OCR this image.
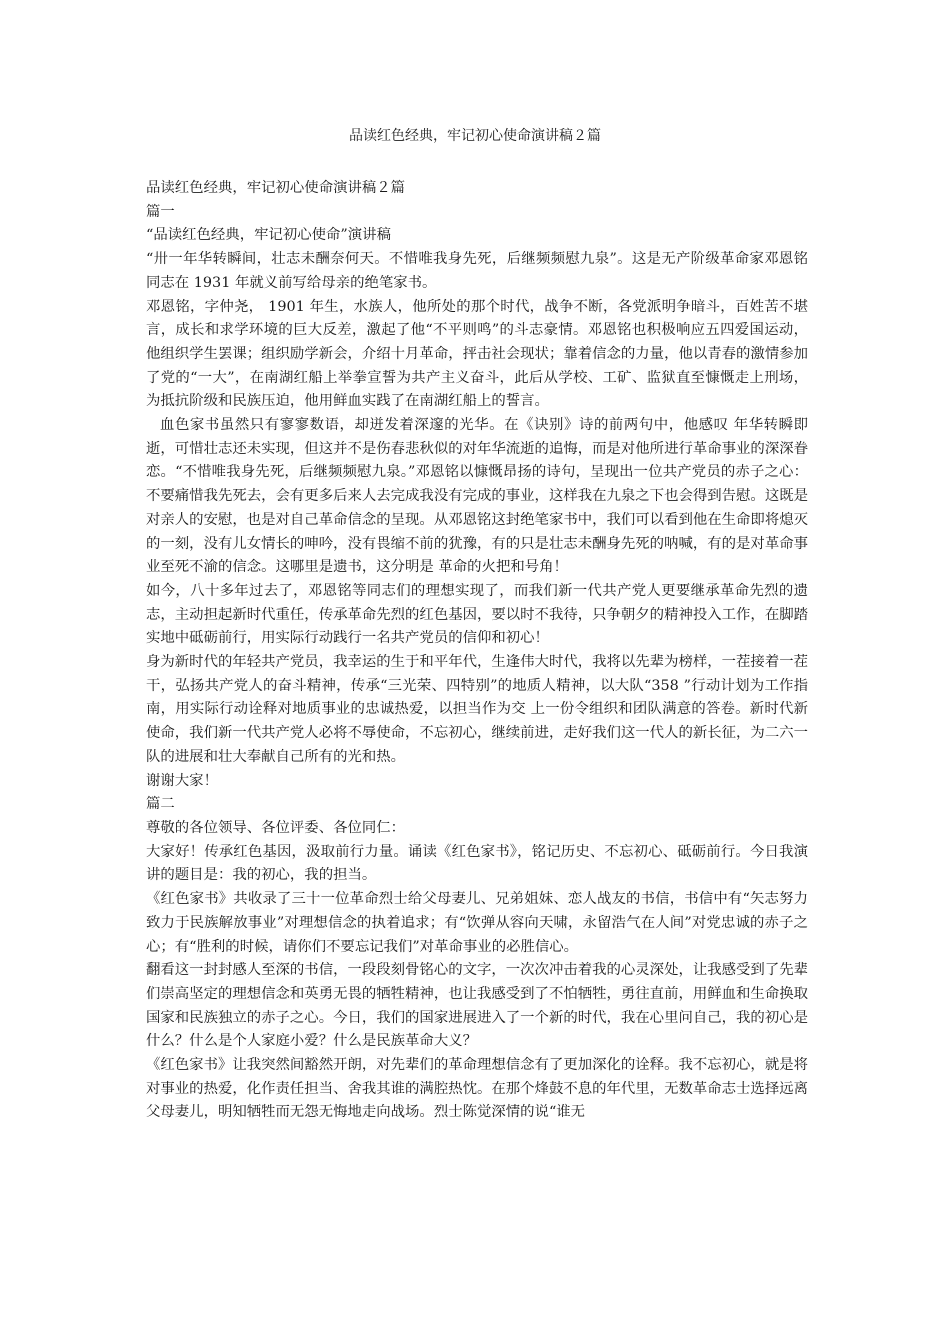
品读红色经典，牢记初心使命演讲稿２篇

品读红色经典，牢记初心使命演讲稿２篇

篇一

“品读红色经典，牢记初心使命”演讲稿

“卅一年华转瞬间，壮志未酬奈何天。不惜唯我身先死，后继频频慰九泉”。这是无产阶级革命家邓恩铭同志在 1931 年就义前写给母亲的绝笔家书。

邓恩铭，字仲尧， 1901 年生，水族人，他所处的那个时代，战争不断，各党派明争暗斗，百姓苦不堪言，成长和求学环境的巨大反差，激起了他“不平则鸣”的斗志豪情。邓恩铭也积极响应五四爱国运动，他组织学生罢课；组织励学新会，介绍十月革命，抨击社会现状；靠着信念的力量，他以青春的激情参加了党的“一大”，在南湖红船上举拳宣誓为共产主义奋斗，此后从学校、工矿、监狱直至慷慨走上刑场，为抵抗阶级和民族压迫，他用鲜血实践了在南湖红船上的誓言。

血色家书虽然只有寥寥数语，却迸发着深邃的光华。在《诀别》诗的前两句中，他感叹 年华转瞬即逝，可惜壮志还未实现，但这并不是伤春悲秋似的对年华流逝的追悔，而是对他所进行革命事业的深深眷恋。“不惜唯我身先死，后继频频慰九泉。”邓恩铭以慷慨昂扬的诗句，呈现出一位共产党员的赤子之心：不要痛惜我先死去，会有更多后来人去完成我没有完成的事业，这样我在九泉之下也会得到告慰。这既是对亲人的安慰，也是对自己革命信念的呈现。从邓恩铭这封绝笔家书中，我们可以看到他在生命即将熄灭的一刻，没有儿女情长的呻吟，没有畏缩不前的犹豫，有的只是壮志未酬身先死的呐喊，有的是对革命事业至死不渝的信念。这哪里是遗书，这分明是 革命的火把和号角！

如今，八十多年过去了，邓恩铭等同志们的理想实现了，而我们新一代共产党人更要继承革命先烈的遗志，主动担起新时代重任，传承革命先烈的红色基因，要以时不我待，只争朝夕的精神投入工作，在脚踏实地中砥砺前行，用实际行动践行一名共产党员的信仰和初心！

身为新时代的年轻共产党员，我幸运的生于和平年代，生逢伟大时代，我将以先辈为榜样，一茬接着一茬干，弘扬共产党人的奋斗精神，传承“三光荣、四特别”的地质人精神，以大队“358 ”行动计划为工作指南，用实际行动诠释对地质事业的忠诚热爱，以担当作为交 上一份令组织和团队满意的答卷。新时代新使命，我们新一代共产党人必将不辱使命，不忘初心，继续前进，走好我们这一代人的新长征，为二六一队的进展和壮大奉献自己所有的光和热。

谢谢大家！

篇二

尊敬的各位领导、各位评委、各位同仁：

大家好！传承红色基因，汲取前行力量。诵读《红色家书》，铭记历史、不忘初心、砥砺前行。今日我演讲的题目是：我的初心，我的担当。

《红色家书》共收录了三十一位革命烈士给父母妻儿、兄弟姐妹、恋人战友的书信，书信中有“矢志努力致力于民族解放事业”对理想信念的执着追求；有“饮弹从容向天啸，永留浩气在人间”对党忠诚的赤子之心；有“胜利的时候，请你们不要忘记我们”对革命事业的必胜信心。

翻看这一封封感人至深的书信，一段段刻骨铭心的文字，一次次冲击着我的心灵深处，让我感受到了先辈们崇高坚定的理想信念和英勇无畏的牺牲精神，也让我感受到了不怕牺牲，勇往直前，用鲜血和生命换取国家和民族独立的赤子之心。今日，我们的国家进展进入了一个新的时代，我在心里问自己，我的初心是什么？什么是个人家庭小爱？什么是民族革命大义？

《红色家书》让我突然间豁然开朗，对先辈们的革命理想信念有了更加深化的诠释。我不忘初心，就是将对事业的热爱，化作责任担当、舍我其谁的满腔热忱。在那个烽鼓不息的年代里，无数革命志士选择远离父母妻儿，明知牺牲而无怨无悔地走向战场。烈士陈觉深情的说“谁无
